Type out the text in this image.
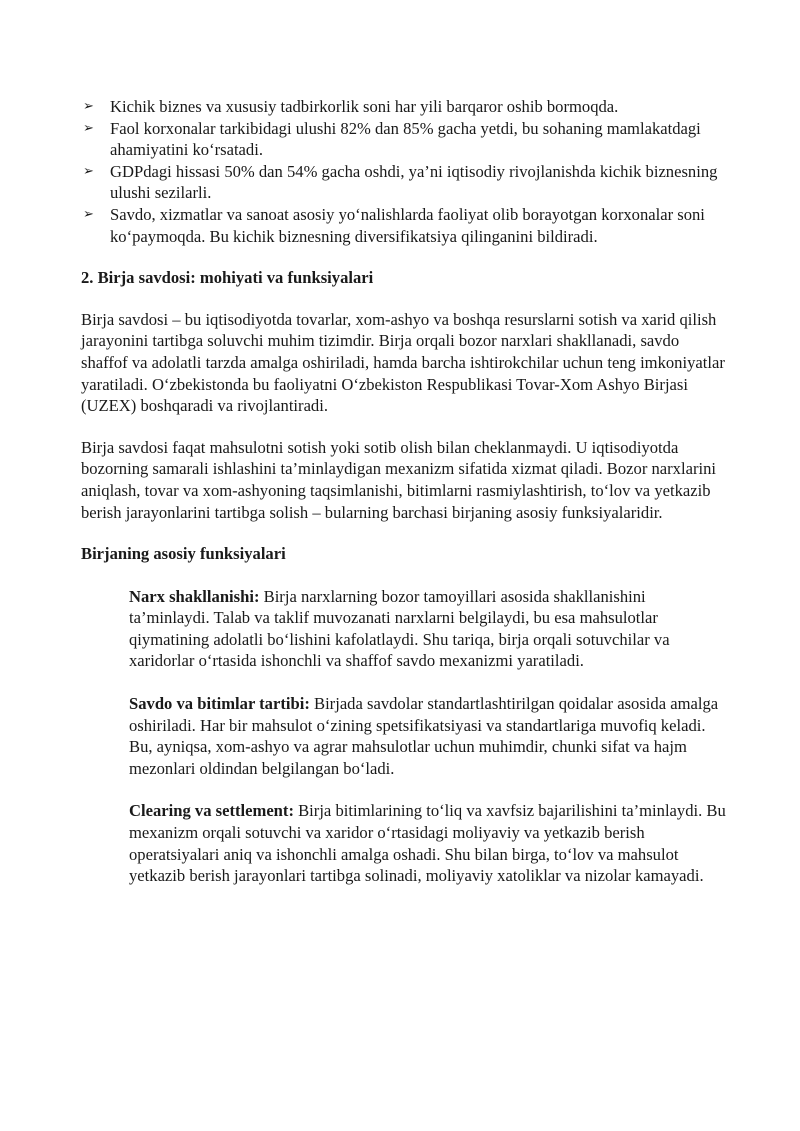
➢ Kichik biznes va xususiy tadbirkorlik soni har yili barqaror oshib bormoqda.
➢ Faol korxonalar tarkibidagi ulushi 82% dan 85% gacha yetdi, bu sohaning mamlakatdagi ahamiyatini ko‘rsatadi.
➢ GDPdagi hissasi 50% dan 54% gacha oshdi, ya’ni iqtisodiy rivojlanishda kichik biznesning ulushi sezilarli.
➢ Savdo, xizmatlar va sanoat asosiy yo‘nalishlarda faoliyat olib borayotgan korxonalar soni ko‘paymoqda. Bu kichik biznesning diversifikatsiya qilinganini bildiradi.
2. Birja savdosi: mohiyati va funksiyalari

Birja savdosi – bu iqtisodiyotda tovarlar, xom-ashyo va boshqa resurslarni sotish va xarid qilish jarayonini tartibga soluvchi muhim tizimdir. Birja orqali bozor narxlari shakllanadi, savdo shaffof va adolatli tarzda amalga oshiriladi, hamda barcha ishtirokchilar uchun teng imkoniyatlar yaratiladi. O‘zbekistonda bu faoliyatni O‘zbekiston Respublikasi Tovar-Xom Ashyo Birjasi (UZEX) boshqaradi va rivojlantiradi.

Birja savdosi faqat mahsulotni sotish yoki sotib olish bilan cheklanmaydi. U iqtisodiyotda bozorning samarali ishlashini ta’minlaydigan mexanizm sifatida xizmat qiladi. Bozor narxlarini aniqlash, tovar va xom-ashyoning taqsimlanishi, bitimlarni rasmiylashtirish, to‘lov va yetkazib berish jarayonlarini tartibga solish – bularning barchasi birjaning asosiy funksiyalaridir.

Birjaning asosiy funksiyalari

Narx shakllanishi: Birja narxlarning bozor tamoyillari asosida shakllanishini ta’minlaydi. Talab va taklif muvozanati narxlarni belgilaydi, bu esa mahsulotlar qiymatining adolatli bo‘lishini kafolatlaydi. Shu tariqa, birja orqali sotuvchilar va xaridorlar o‘rtasida ishonchli va shaffof savdo mexanizmi yaratiladi.

Savdo va bitimlar tartibi: Birjada savdolar standartlashtirilgan qoidalar asosida amalga oshiriladi. Har bir mahsulot o‘zining spetsifikatsiyasi va standartlariga muvofiq keladi. Bu, ayniqsa, xom-ashyo va agrar mahsulotlar uchun muhimdir, chunki sifat va hajm mezonlari oldindan belgilangan bo‘ladi.

Clearing va settlement: Birja bitimlarining to‘liq va xavfsiz bajarilishini ta’minlaydi. Bu mexanizm orqali sotuvchi va xaridor o‘rtasidagi moliyaviy va yetkazib berish operatsiyalari aniq va ishonchli amalga oshadi. Shu bilan birga, to‘lov va mahsulot yetkazib berish jarayonlari tartibga solinadi, moliyaviy xatoliklar va nizolar kamayadi.
